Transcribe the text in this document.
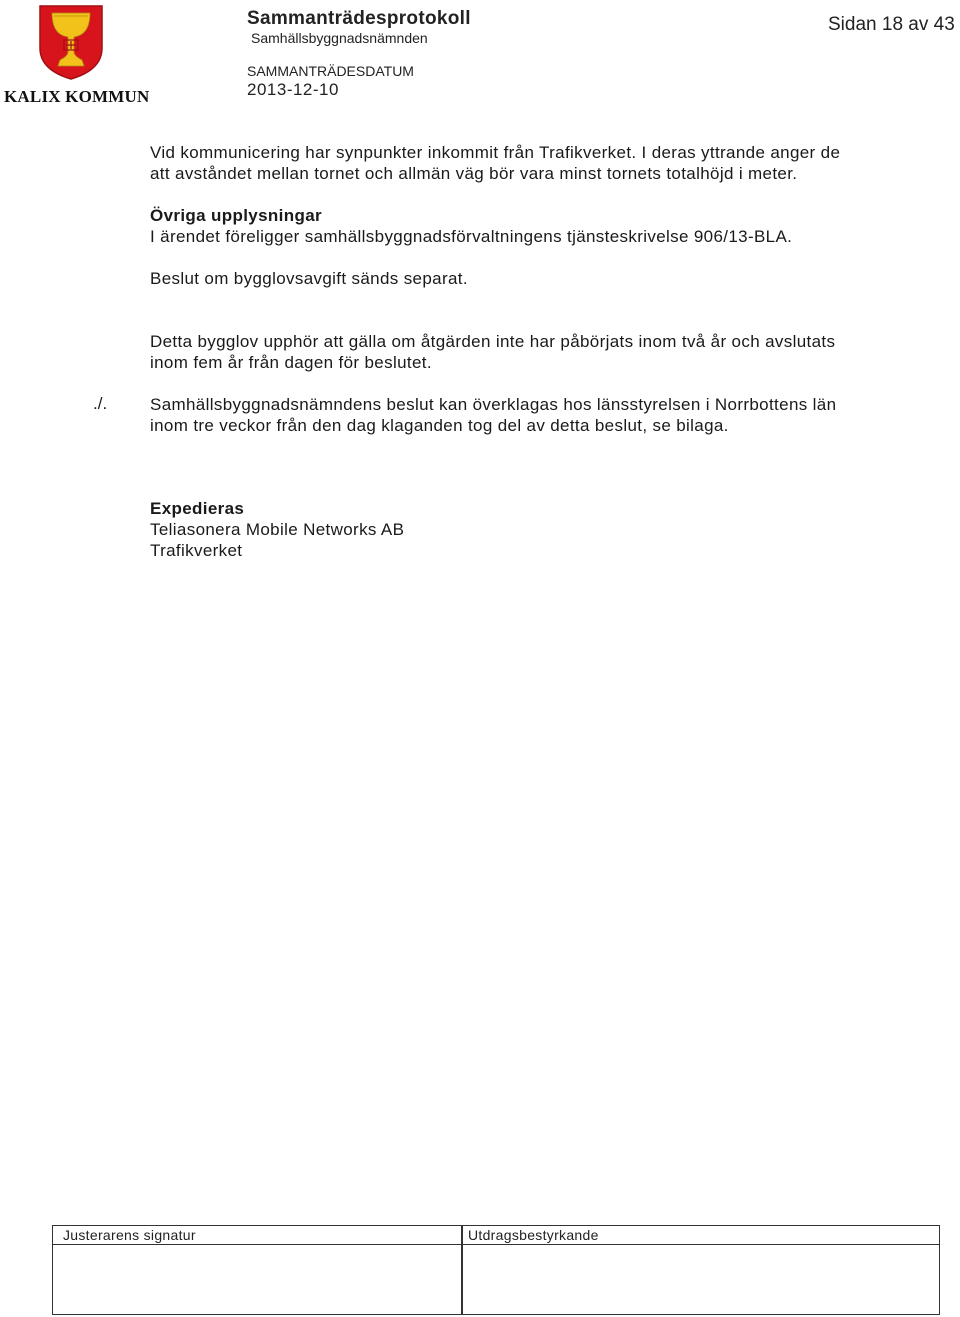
KALIX KOMMUN
Sammanträdesprotokoll
Samhällsbyggnadsnämnden
Sidan 18 av 43
SAMMANTRÄDESDATUM
2013-12-10
Vid kommunicering har synpunkter inkommit från Trafikverket. I deras yttrande anger de
att avståndet mellan tornet och allmän väg bör vara minst tornets totalhöjd i meter.
Övriga upplysningar
I ärendet föreligger samhällsbyggnadsförvaltningens tjänsteskrivelse 906/13-BLA.
Beslut om bygglovsavgift sänds separat.
Detta bygglov upphör att gälla om åtgärden inte har påbörjats inom två år och avslutats
inom fem år från dagen för beslutet.
./.	Samhällsbyggnadsnämndens beslut kan överklagas hos länsstyrelsen i Norrbottens län
inom tre veckor från den dag klaganden tog del av detta beslut, se bilaga.
Expedieras
Teliasonera Mobile Networks AB
Trafikverket
Justerarens signatur	Utdragsbestyrkande
